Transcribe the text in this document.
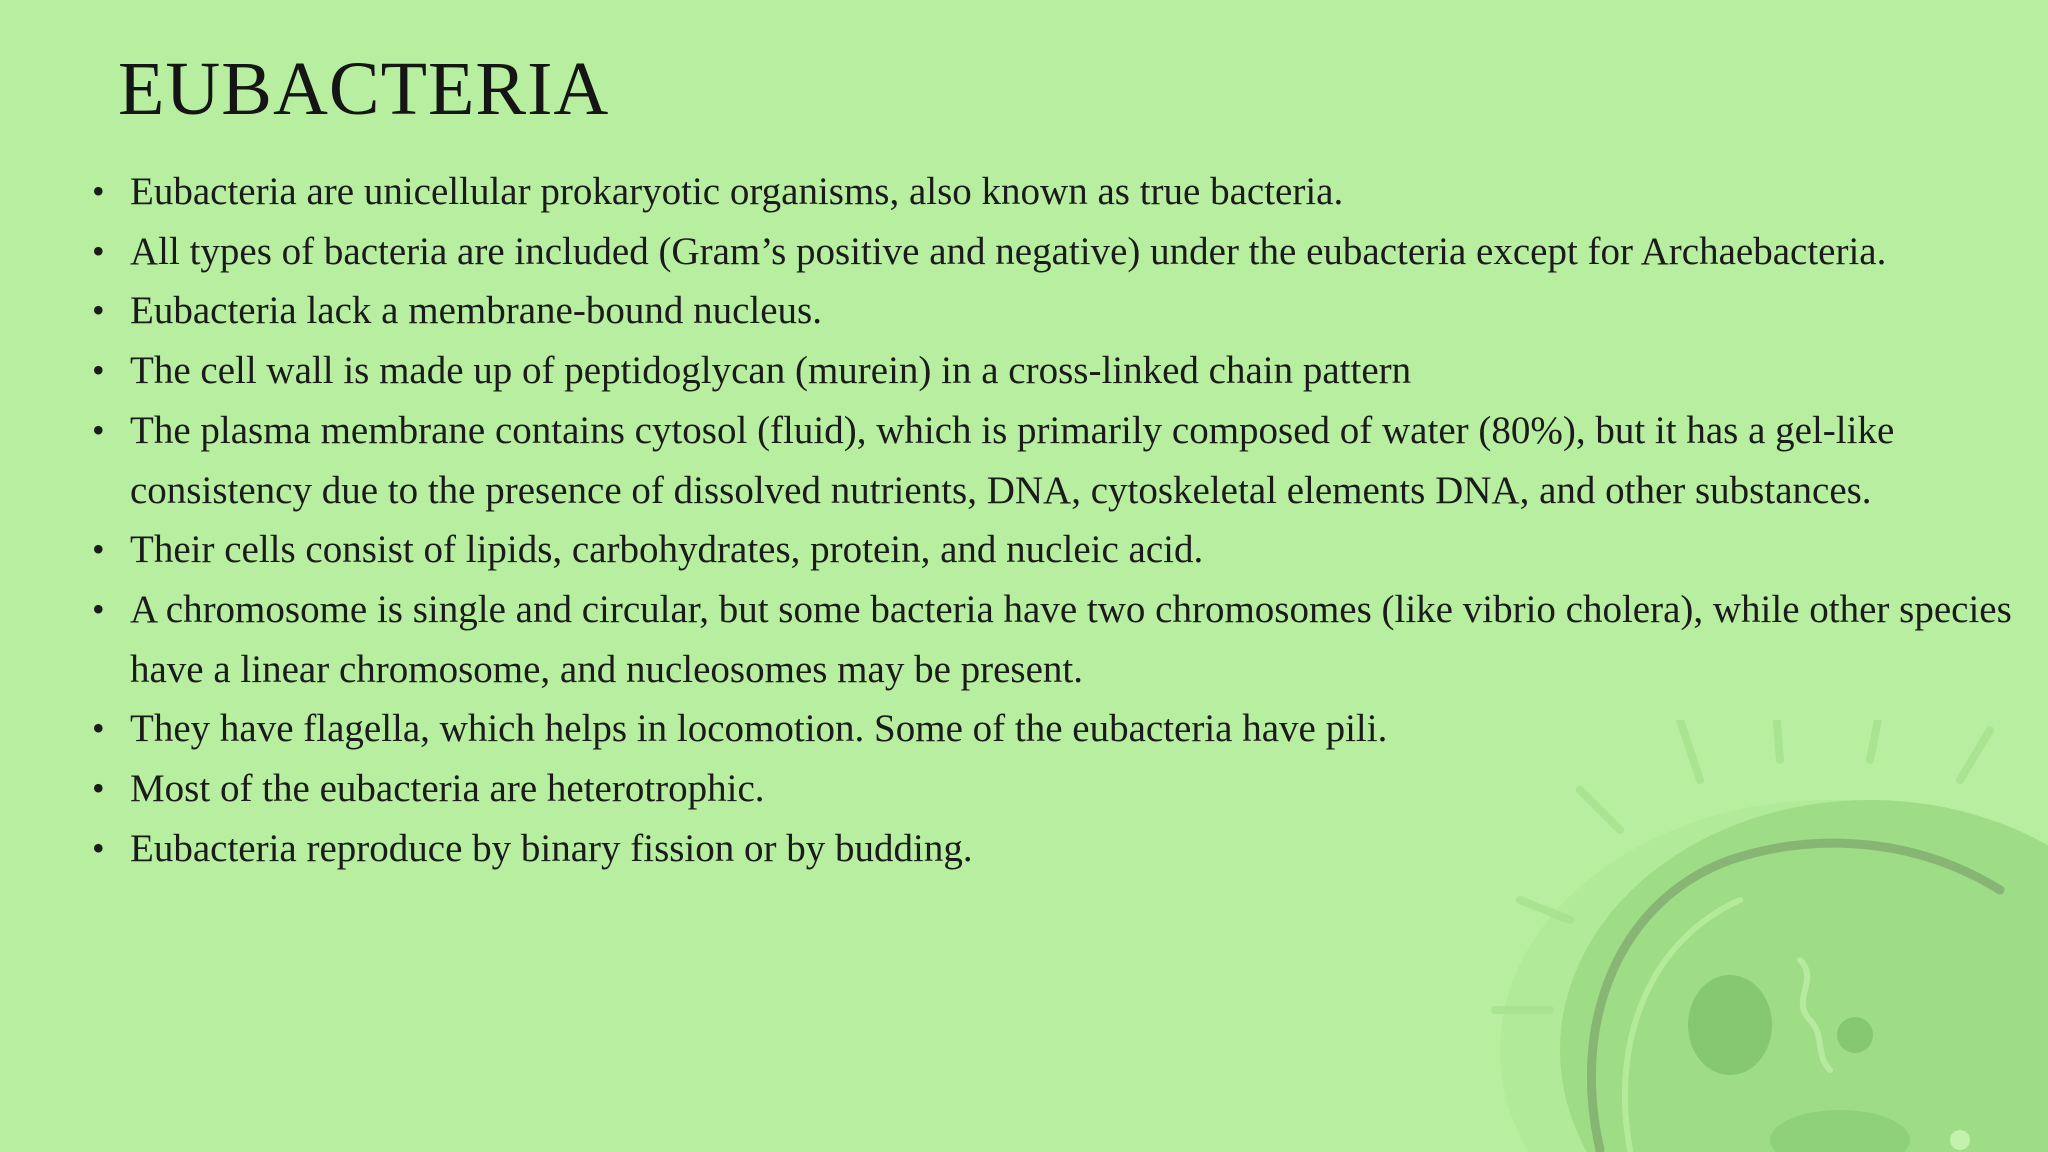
EUBACTERIA
• Eubacteria are unicellular prokaryotic organisms, also known as true bacteria.
• All types of bacteria are included (Gram’s positive and negative) under the eubacteria except for Archaebacteria.
• Eubacteria lack a membrane-bound nucleus.
• The cell wall is made up of peptidoglycan (murein) in a cross-linked chain pattern
• The plasma membrane contains cytosol (fluid), which is primarily composed of water (80%), but it has a gel-like consistency due to the presence of dissolved nutrients, DNA, cytoskeletal elements DNA, and other substances.
• Their cells consist of lipids, carbohydrates, protein, and nucleic acid.
• A chromosome is single and circular, but some bacteria have two chromosomes (like vibrio cholera), while other species have a linear chromosome, and nucleosomes may be present.
• They have flagella, which helps in locomotion. Some of the eubacteria have pili.
• Most of the eubacteria are heterotrophic.
• Eubacteria reproduce by binary fission or by budding.
